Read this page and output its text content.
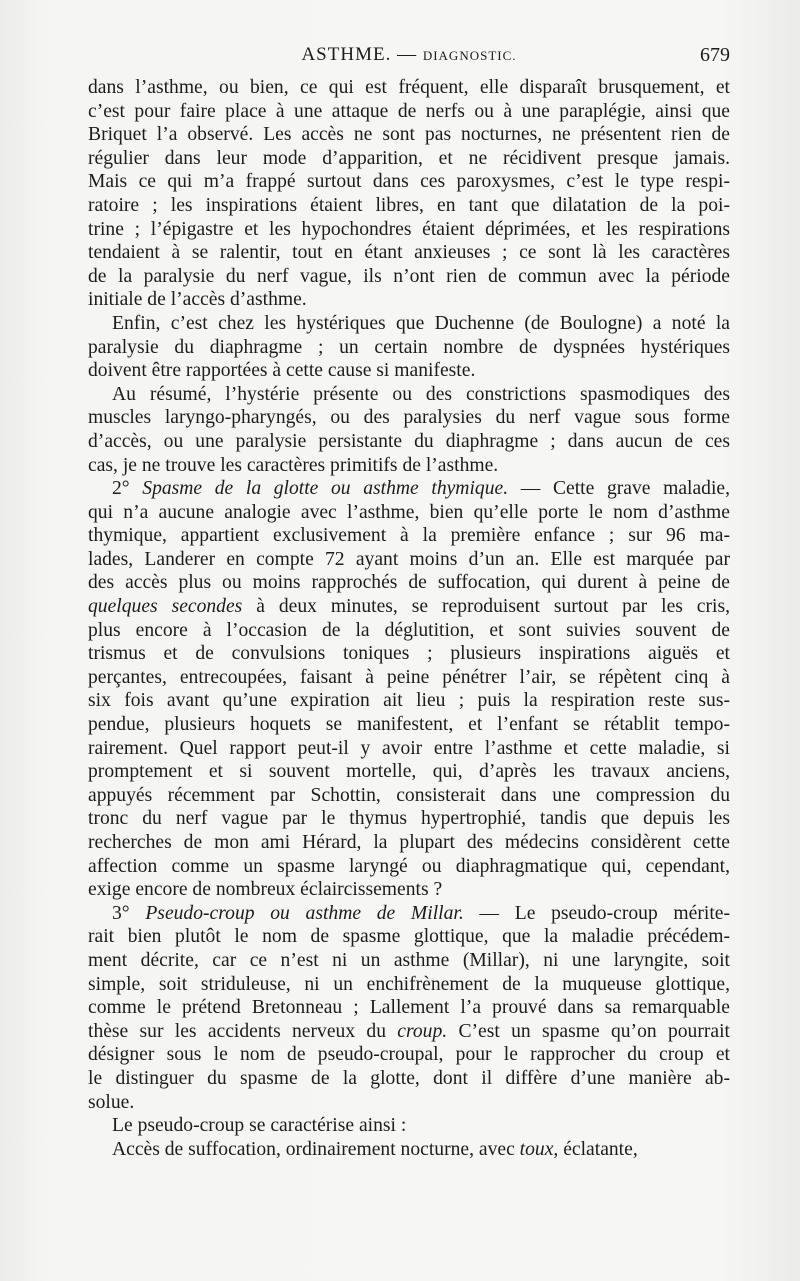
ASTHME. — DIAGNOSTIC.	679

dans l’asthme, ou bien, ce qui est fréquent, elle disparaît brusquement, et
c’est pour faire place à une attaque de nerfs ou à une paraplégie, ainsi que
Briquet l’a observé. Les accès ne sont pas nocturnes, ne présentent rien de
régulier dans leur mode d’apparition, et ne récidivent presque jamais.
Mais ce qui m’a frappé surtout dans ces paroxysmes, c’est le type respi-
ratoire ; les inspirations étaient libres, en tant que dilatation de la poi-
trine ; l’épigastre et les hypochondres étaient déprimées, et les respirations
tendaient à se ralentir, tout en étant anxieuses ; ce sont là les caractères
de la paralysie du nerf vague, ils n’ont rien de commun avec la période
initiale de l’accès d’asthme.

Enfin, c’est chez les hystériques que Duchenne (de Boulogne) a noté la
paralysie du diaphragme ; un certain nombre de dyspnées hystériques
doivent être rapportées à cette cause si manifeste.

Au résumé, l’hystérie présente ou des constrictions spasmodiques des
muscles laryngo-pharyngés, ou des paralysies du nerf vague sous forme
d’accès, ou une paralysie persistante du diaphragme ; dans aucun de ces
cas, je ne trouve les caractères primitifs de l’asthme.

2° Spasme de la glotte ou asthme thymique. — Cette grave maladie,
qui n’a aucune analogie avec l’asthme, bien qu’elle porte le nom d’asthme
thymique, appartient exclusivement à la première enfance ; sur 96 ma-
lades, Landerer en compte 72 ayant moins d’un an. Elle est marquée par
des accès plus ou moins rapprochés de suffocation, qui durent à peine de
quelques secondes à deux minutes, se reproduisent surtout par les cris,
plus encore à l’occasion de la déglutition, et sont suivies souvent de
trismus et de convulsions toniques ; plusieurs inspirations aiguës et
perçantes, entrecoupées, faisant à peine pénétrer l’air, se répètent cinq à
six fois avant qu’une expiration ait lieu ; puis la respiration reste sus-
pendue, plusieurs hoquets se manifestent, et l’enfant se rétablit tempo-
rairement. Quel rapport peut-il y avoir entre l’asthme et cette maladie, si
promptement et si souvent mortelle, qui, d’après les travaux anciens,
appuyés récemment par Schottin, consisterait dans une compression du
tronc du nerf vague par le thymus hypertrophié, tandis que depuis les
recherches de mon ami Hérard, la plupart des médecins considèrent cette
affection comme un spasme laryngé ou diaphragmatique qui, cependant,
exige encore de nombreux éclaircissements ?

3° Pseudo-croup ou asthme de Millar. — Le pseudo-croup mérite-
rait bien plutôt le nom de spasme glottique, que la maladie précédem-
ment décrite, car ce n’est ni un asthme (Millar), ni une laryngite, soit
simple, soit striduleuse, ni un enchifrènement de la muqueuse glottique,
comme le prétend Bretonneau ; Lallement l’a prouvé dans sa remarquable
thèse sur les accidents nerveux du croup. C’est un spasme qu’on pourrait
désigner sous le nom de pseudo-croupal, pour le rapprocher du croup et
le distinguer du spasme de la glotte, dont il diffère d’une manière ab-
solue.

Le pseudo-croup se caractérise ainsi :

Accès de suffocation, ordinairement nocturne, avec toux, éclatante,
